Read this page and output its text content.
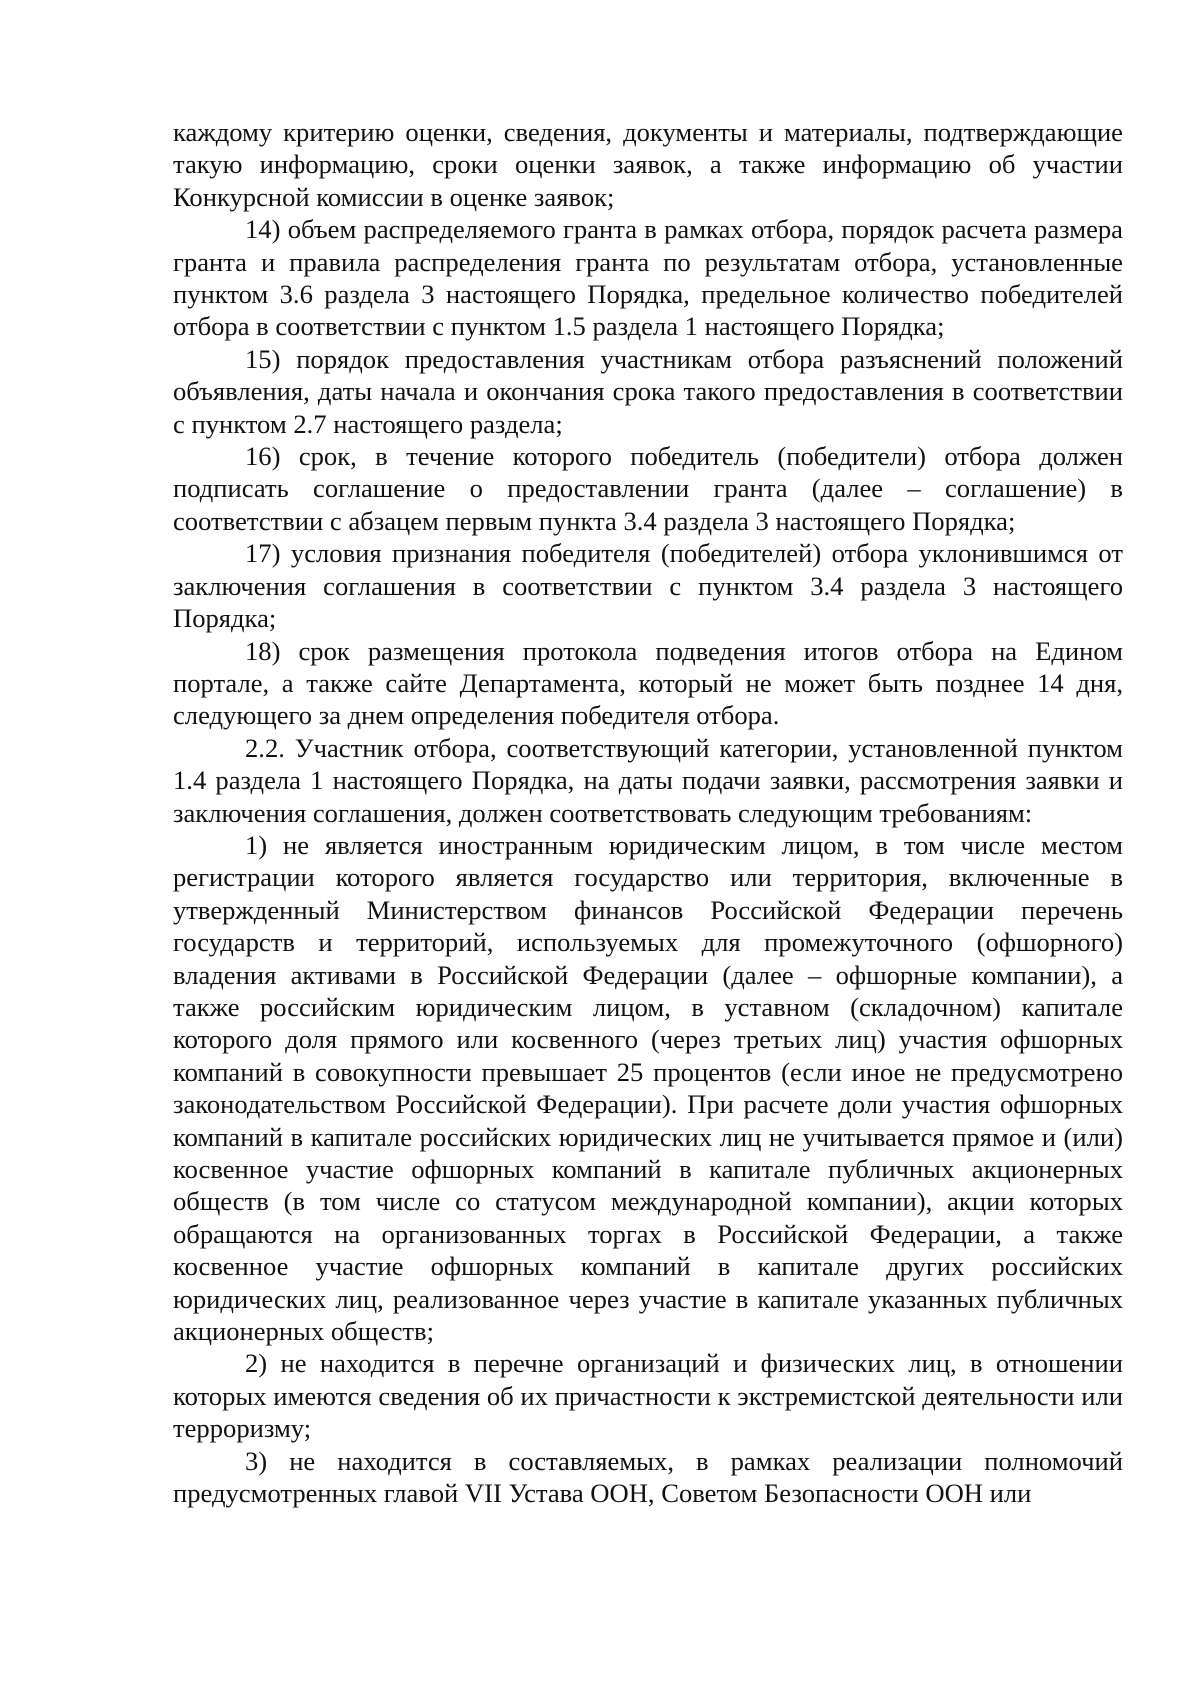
каждому критерию оценки, сведения, документы и материалы, подтверждающие такую информацию, сроки оценки заявок, а также информацию об участии Конкурсной комиссии в оценке заявок;

14) объем распределяемого гранта в рамках отбора, порядок расчета размера гранта и правила распределения гранта по результатам отбора, установленные пунктом 3.6 раздела 3 настоящего Порядка, предельное количество победителей отбора в соответствии с пунктом 1.5 раздела 1 настоящего Порядка;

15) порядок предоставления участникам отбора разъяснений положений объявления, даты начала и окончания срока такого предоставления в соответствии с пунктом 2.7 настоящего раздела;

16) срок, в течение которого победитель (победители) отбора должен подписать соглашение о предоставлении гранта (далее – соглашение) в соответствии с абзацем первым пункта 3.4 раздела 3 настоящего Порядка;

17) условия признания победителя (победителей) отбора уклонившимся от заключения соглашения в соответствии с пунктом 3.4 раздела 3 настоящего Порядка;

18) срок размещения протокола подведения итогов отбора на Едином портале, а также сайте Департамента, который не может быть позднее 14 дня, следующего за днем определения победителя отбора.

2.2. Участник отбора, соответствующий категории, установленной пунктом 1.4 раздела 1 настоящего Порядка, на даты подачи заявки, рассмотрения заявки и заключения соглашения, должен соответствовать следующим требованиям:

1) не является иностранным юридическим лицом, в том числе местом регистрации которого является государство или территория, включенные в утвержденный Министерством финансов Российской Федерации перечень государств и территорий, используемых для промежуточного (офшорного) владения активами в Российской Федерации (далее – офшорные компании), а также российским юридическим лицом, в уставном (складочном) капитале которого доля прямого или косвенного (через третьих лиц) участия офшорных компаний в совокупности превышает 25 процентов (если иное не предусмотрено законодательством Российской Федерации). При расчете доли участия офшорных компаний в капитале российских юридических лиц не учитывается прямое и (или) косвенное участие офшорных компаний в капитале публичных акционерных обществ (в том числе со статусом международной компании), акции которых обращаются на организованных торгах в Российской Федерации, а также косвенное участие офшорных компаний в капитале других российских юридических лиц, реализованное через участие в капитале указанных публичных акционерных обществ;

2) не находится в перечне организаций и физических лиц, в отношении которых имеются сведения об их причастности к экстремистской деятельности или терроризму;

3) не находится в составляемых, в рамках реализации полномочий предусмотренных главой VII Устава ООН, Советом Безопасности ООН или
